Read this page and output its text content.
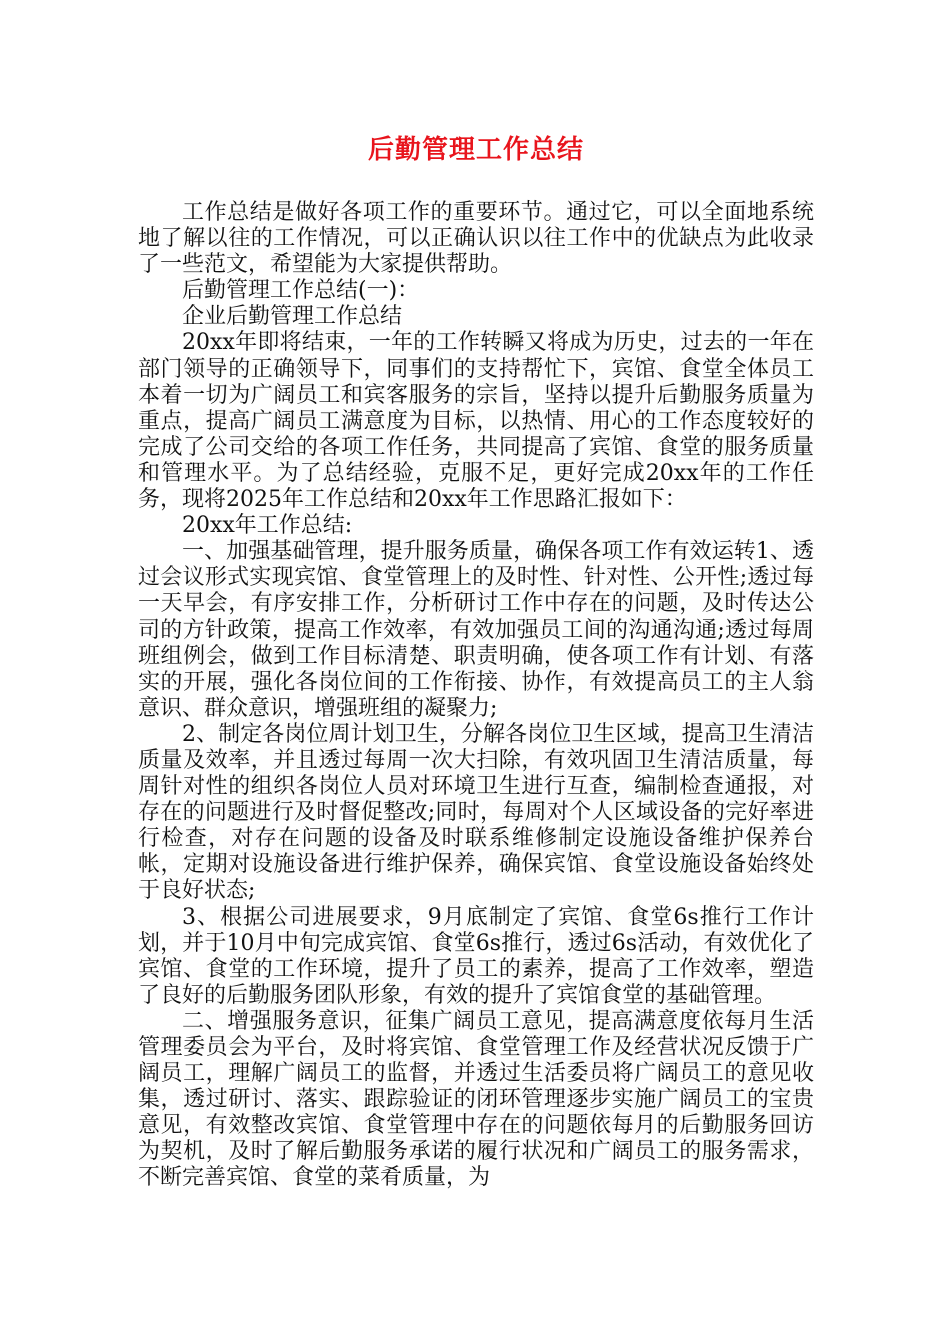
后勤管理工作总结

工作总结是做好各项工作的重要环节。通过它，可以全面地系统地了解以往的工作情况，可以正确认识以往工作中的优缺点为此收录了一些范文，希望能为大家提供帮助。

后勤管理工作总结(一)：

企业后勤管理工作总结

20xx年即将结束，一年的工作转瞬又将成为历史，过去的一年在部门领导的正确领导下，同事们的支持帮忙下，宾馆、食堂全体员工本着一切为广阔员工和宾客服务的宗旨，坚持以提升后勤服务质量为重点，提高广阔员工满意度为目标，以热情、用心的工作态度较好的完成了公司交给的各项工作任务，共同提高了宾馆、食堂的服务质量和管理水平。为了总结经验，克服不足，更好完成20xx年的工作任务，现将2025年工作总结和20xx年工作思路汇报如下：

20xx年工作总结:

一、加强基础管理，提升服务质量，确保各项工作有效运转1、透过会议形式实现宾馆、食堂管理上的及时性、针对性、公开性;透过每一天早会，有序安排工作，分析研讨工作中存在的问题，及时传达公司的方针政策，提高工作效率，有效加强员工间的沟通沟通;透过每周班组例会，做到工作目标清楚、职责明确，使各项工作有计划、有落实的开展，强化各岗位间的工作衔接、协作，有效提高员工的主人翁意识、群众意识，增强班组的凝聚力;

2、制定各岗位周计划卫生，分解各岗位卫生区域，提高卫生清洁质量及效率，并且透过每周一次大扫除，有效巩固卫生清洁质量，每周针对性的组织各岗位人员对环境卫生进行互查，编制检查通报，对存在的问题进行及时督促整改;同时，每周对个人区域设备的完好率进行检查，对存在问题的设备及时联系维修制定设施设备维护保养台帐，定期对设施设备进行维护保养，确保宾馆、食堂设施设备始终处于良好状态;

3、根据公司进展要求，9月底制定了宾馆、食堂6s推行工作计划，并于10月中旬完成宾馆、食堂6s推行，透过6s活动，有效优化了宾馆、食堂的工作环境，提升了员工的素养，提高了工作效率，塑造了良好的后勤服务团队形象，有效的提升了宾馆食堂的基础管理。

二、增强服务意识，征集广阔员工意见，提高满意度依每月生活管理委员会为平台，及时将宾馆、食堂管理工作及经营状况反馈于广阔员工，理解广阔员工的监督，并透过生活委员将广阔员工的意见收集，透过研讨、落实、跟踪验证的闭环管理逐步实施广阔员工的宝贵意见，有效整改宾馆、食堂管理中存在的问题依每月的后勤服务回访为契机，及时了解后勤服务承诺的履行状况和广阔员工的服务需求，不断完善宾馆、食堂的菜肴质量，为
